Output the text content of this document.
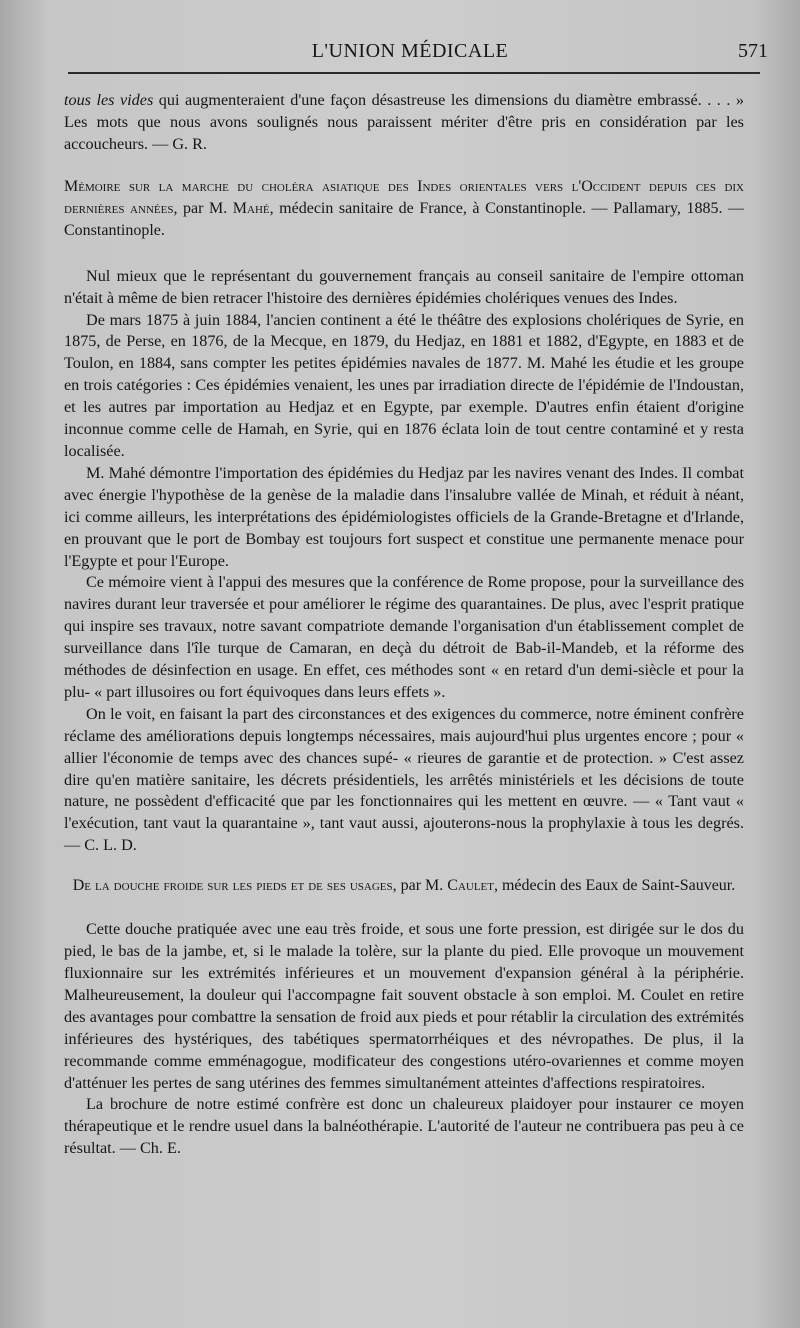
L'UNION MÉDICALE	571

tous les vides qui augmenteraient d'une façon désastreuse les dimensions du diamètre embrassé. . . . » Les mots que nous avons soulignés nous paraissent mériter d'être pris en considération par les accoucheurs. — G. R.

Mémoire sur la marche du choléra asiatique des Indes orientales vers l'Occident depuis ces dix dernières années, par M. Mahé, médecin sanitaire de France, à Constantinople. — Pallamary, 1885. — Constantinople.

Nul mieux que le représentant du gouvernement français au conseil sanitaire de l'empire ottoman n'était à même de bien retracer l'histoire des dernières épidémies cholériques venues des Indes.

De mars 1875 à juin 1884, l'ancien continent a été le théâtre des explosions cholériques de Syrie, en 1875, de Perse, en 1876, de la Mecque, en 1879, du Hedjaz, en 1881 et 1882, d'Egypte, en 1883 et de Toulon, en 1884, sans compter les petites épidémies navales de 1877. M. Mahé les étudie et les groupe en trois catégories : Ces épidémies venaient, les unes par irradiation directe de l'épidémie de l'Indoustan, et les autres par importation au Hedjaz et en Egypte, par exemple. D'autres enfin étaient d'origine inconnue comme celle de Hamah, en Syrie, qui en 1876 éclata loin de tout centre contaminé et y resta localisée.

M. Mahé démontre l'importation des épidémies du Hedjaz par les navires venant des Indes. Il combat avec énergie l'hypothèse de la genèse de la maladie dans l'insalubre vallée de Minah, et réduit à néant, ici comme ailleurs, les interprétations des épidémiologistes officiels de la Grande-Bretagne et d'Irlande, en prouvant que le port de Bombay est toujours fort suspect et constitue une permanente menace pour l'Egypte et pour l'Europe.

Ce mémoire vient à l'appui des mesures que la conférence de Rome propose, pour la surveillance des navires durant leur traversée et pour améliorer le régime des quarantaines. De plus, avec l'esprit pratique qui inspire ses travaux, notre savant compatriote demande l'organisation d'un établissement complet de surveillance dans l'île turque de Camaran, en deçà du détroit de Bab-il-Mandeb, et la réforme des méthodes de désinfection en usage. En effet, ces méthodes sont « en retard d'un demi-siècle et pour la plu- « part illusoires ou fort équivoques dans leurs effets ».

On le voit, en faisant la part des circonstances et des exigences du commerce, notre éminent confrère réclame des améliorations depuis longtemps nécessaires, mais aujourd'hui plus urgentes encore ; pour « allier l'économie de temps avec des chances supé- « rieures de garantie et de protection. » C'est assez dire qu'en matière sanitaire, les décrets présidentiels, les arrêtés ministériels et les décisions de toute nature, ne possèdent d'efficacité que par les fonctionnaires qui les mettent en œuvre. — « Tant vaut « l'exécution, tant vaut la quarantaine », tant vaut aussi, ajouterons-nous la prophylaxie à tous les degrés. — C. L. D.

De la douche froide sur les pieds et de ses usages, par M. Caulet, médecin des Eaux de Saint-Sauveur.

Cette douche pratiquée avec une eau très froide, et sous une forte pression, est dirigée sur le dos du pied, le bas de la jambe, et, si le malade la tolère, sur la plante du pied. Elle provoque un mouvement fluxionnaire sur les extrémités inférieures et un mouvement d'expansion général à la périphérie. Malheureusement, la douleur qui l'accompagne fait souvent obstacle à son emploi. M. Coulet en retire des avantages pour combattre la sensation de froid aux pieds et pour rétablir la circulation des extrémités inférieures des hystériques, des tabétiques spermatorrhéiques et des névropathes. De plus, il la recommande comme emménagogue, modificateur des congestions utéro-ovariennes et comme moyen d'atténuer les pertes de sang utérines des femmes simultanément atteintes d'affections respiratoires.

La brochure de notre estimé confrère est donc un chaleureux plaidoyer pour instaurer ce moyen thérapeutique et le rendre usuel dans la balnéothérapie. L'autorité de l'auteur ne contribuera pas peu à ce résultat. — Ch. E.
